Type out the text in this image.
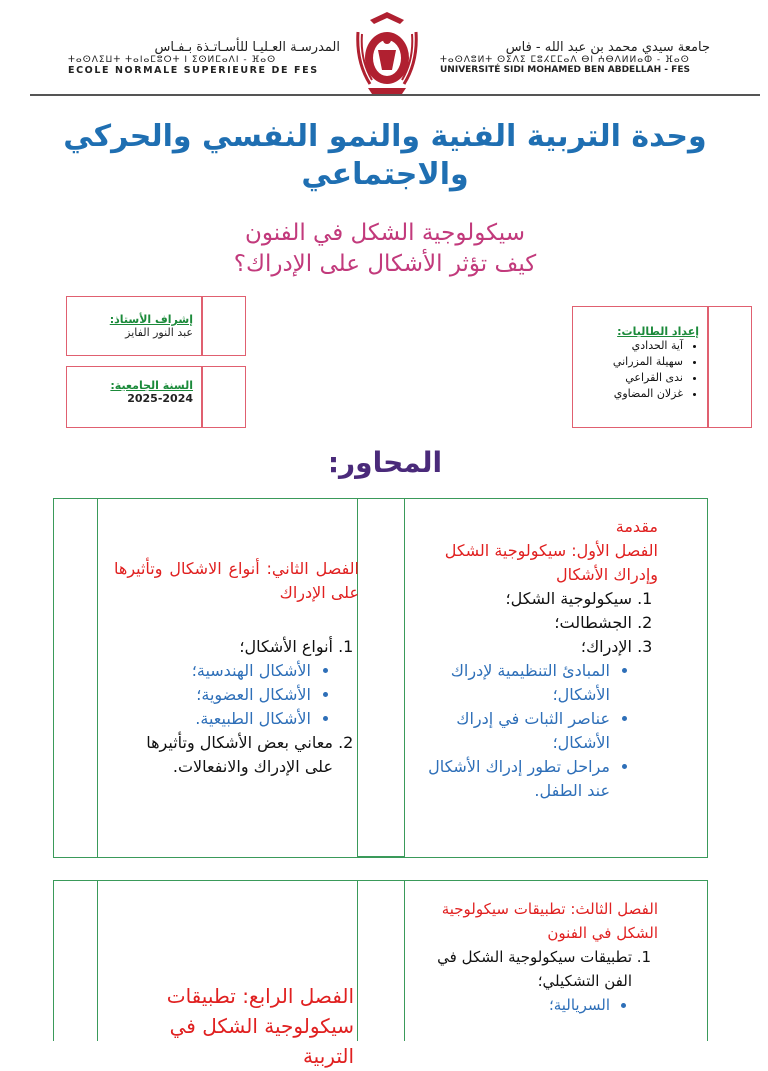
المدرسـة العـليـا للأسـاتـذة بـفـاس
ⵜⴰⵙⴷⵉⵡⵜ ⵜⴰⵏⴰⵎⵓⵔⵜ ⵏ ⵉⵙⵍⵎⴰⴷⵏ - ⴼⴰⵙ
ECOLE NORMALE SUPERIEURE DE FES
جامعة سيدي محمد بن عبد الله - فاس
ⵜⴰⵙⴷⵓⵍⵜ ⵙⵉⴷⵉ ⵎⵓⵃⵎⵎⴰⴷ ⴱⵏ ⵄⴱⴷⵍⵍⴰⵀ - ⴼⴰⵙ
UNIVERSITÉ SIDI MOHAMED BEN ABDELLAH - FES
وحدة التربية الفنية والنمو النفسي والحركي والاجتماعي
سيكولوجية الشكل في الفنون
كيف تؤثر الأشكال على الإدراك؟
إشراف الأستاذ:
عبد النور الفايز
السنة الجامعية:
2025-2024
إعداد الطالبات:
• آية الحدادي
• سهيلة المزراني
• ندى القراعي
• غزلان المضاوي
المحاور:
مقدمة
الفصل الأول: سيكولوجية الشكل وإدراك الأشكال
1. سيكولوجية الشكل؛
2. الجشطالت؛
3. الإدراك؛
• المبادئ التنظيمية لإدراك الأشكال؛
• عناصر الثبات في إدراك الأشكال؛
• مراحل تطور إدراك الأشكال عند الطفل.
الفصل الثاني: أنواع الاشكال وتأثيرها على الإدراك
1. أنواع الأشكال؛
• الأشكال الهندسية؛
• الأشكال العضوية؛
• الأشكال الطبيعية.
2. معاني بعض الأشكال وتأثيرها على الإدراك والانفعالات.
الفصل الثالث: تطبيقات سيكولوجية الشكل في الفنون
1. تطبيقات سيكولوجية الشكل في الفن التشكيلي؛
• السريالية؛
الفصل الرابع: تطبيقات سيكولوجية الشكل في التربية
